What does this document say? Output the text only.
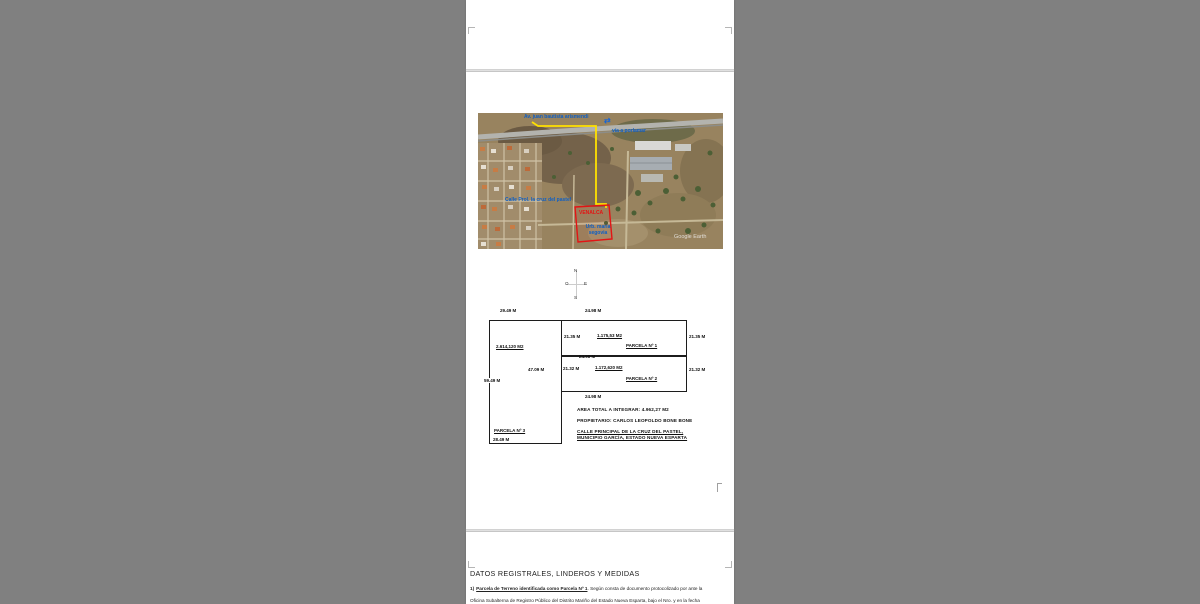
Av. juan bautista arismendi ⇄
vía a porlamar
Calle Prol. la cruz del pastel
VENALCA
Urb. maría
segovia
Google Earth
N
O	E
S
29.49 M	24.98 M
21.35 M	1.175,53 M2
PARCELA Nº 1
21.35 M
24.98 M
21.32 M	1.172,620 M2
PARCELA Nº 2
21.32 M
24.98 M
2.614,120 M2
47.09 M
59.49 M
PARCELA Nº 3
28.49 M
AREA TOTAL A INTEGRAR: 4.962,27 M2
PROPIETARIO: CARLOS LEOPOLDO BONE BONE
CALLE PRINCIPAL DE LA CRUZ DEL PASTEL,
MUNICIPIO GARCÍA, ESTADO NUEVA ESPARTA
DATOS REGISTRALES, LINDEROS Y MEDIDAS
1) Parcela de Terreno identificada como Parcela Nº 1. Según consta de documento protocolizado por ante la
Oficina Subalterna de Registro Público del Distrito Mariño del Estado Nueva Esparta, bajo el Nro. y en la fecha
